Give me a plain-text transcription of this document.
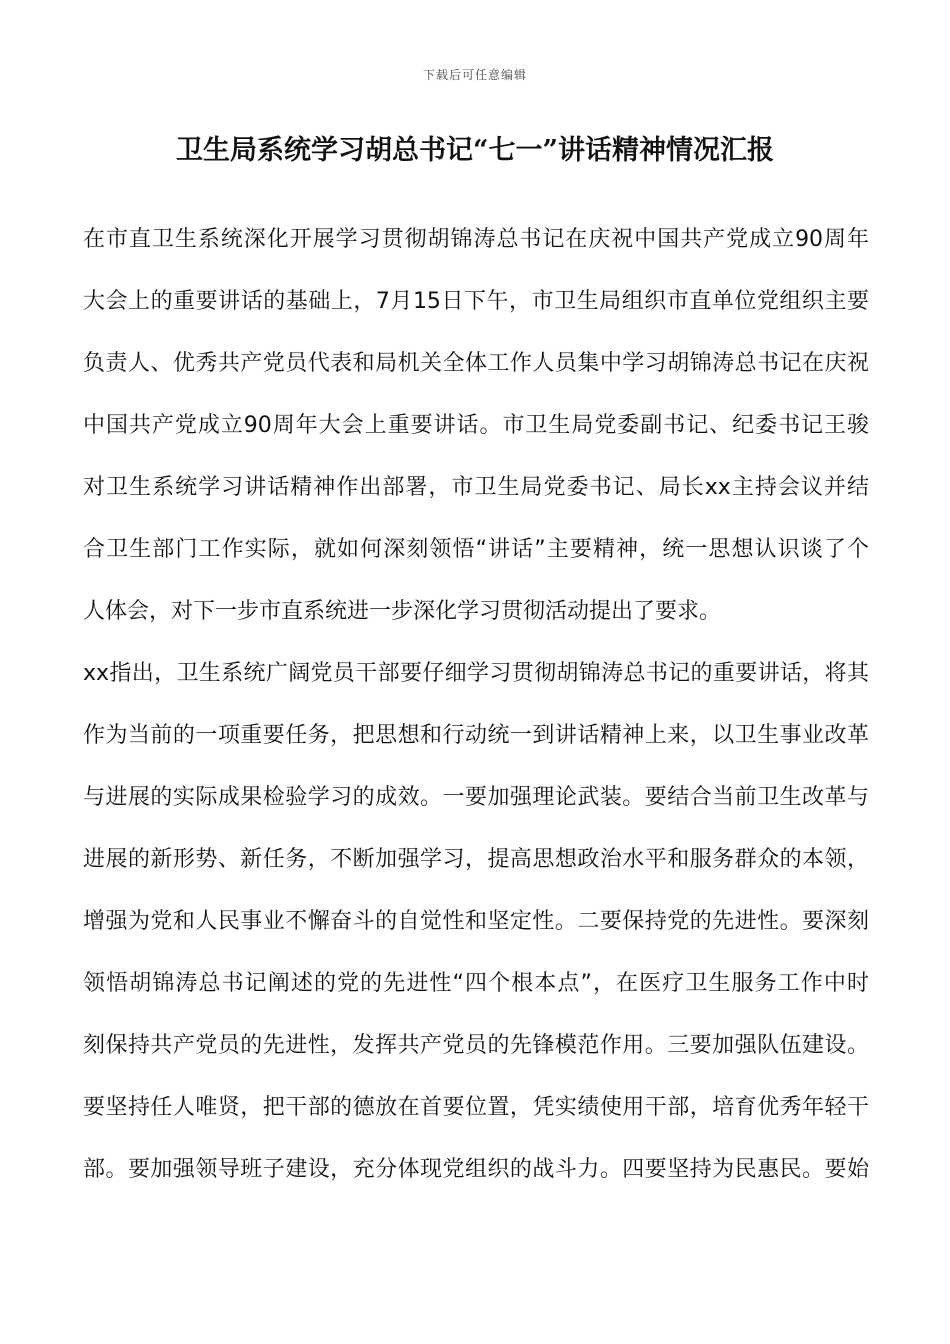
下载后可任意编辑
卫生局系统学习胡总书记“七一”讲话精神情况汇报
在市直卫生系统深化开展学习贯彻胡锦涛总书记在庆祝中国共产党成立90周年
大会上的重要讲话的基础上，7月15日下午，市卫生局组织市直单位党组织主要
负责人、优秀共产党员代表和局机关全体工作人员集中学习胡锦涛总书记在庆祝
中国共产党成立90周年大会上重要讲话。市卫生局党委副书记、纪委书记王骏
对卫生系统学习讲话精神作出部署，市卫生局党委书记、局长xx主持会议并结
合卫生部门工作实际，就如何深刻领悟“讲话”主要精神，统一思想认识谈了个
人体会，对下一步市直系统进一步深化学习贯彻活动提出了要求。
xx指出，卫生系统广阔党员干部要仔细学习贯彻胡锦涛总书记的重要讲话，将其
作为当前的一项重要任务，把思想和行动统一到讲话精神上来，以卫生事业改革
与进展的实际成果检验学习的成效。一要加强理论武装。要结合当前卫生改革与
进展的新形势、新任务，不断加强学习，提高思想政治水平和服务群众的本领，
增强为党和人民事业不懈奋斗的自觉性和坚定性。二要保持党的先进性。要深刻
领悟胡锦涛总书记阐述的党的先进性“四个根本点”，在医疗卫生服务工作中时
刻保持共产党员的先进性，发挥共产党员的先锋模范作用。三要加强队伍建设。
要坚持任人唯贤，把干部的德放在首要位置，凭实绩使用干部，培育优秀年轻干
部。要加强领导班子建设，充分体现党组织的战斗力。四要坚持为民惠民。要始
